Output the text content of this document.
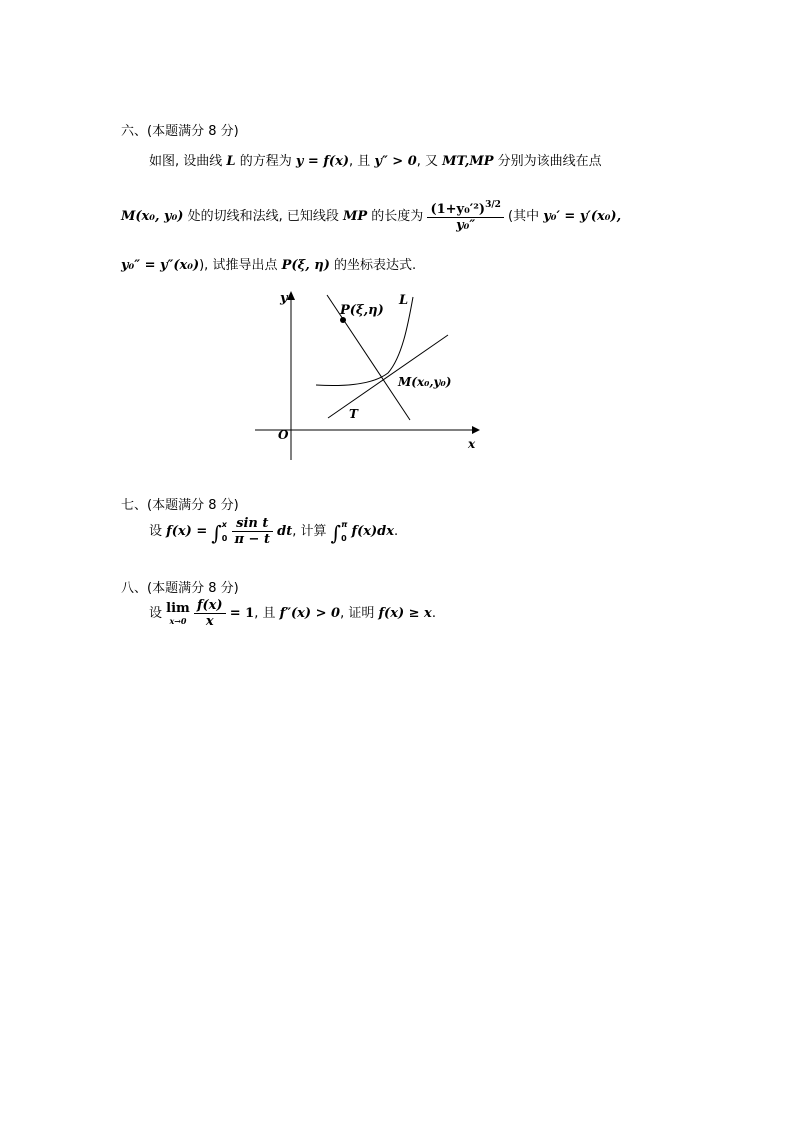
六、(本题满分 8 分)
如图, 设曲线 L 的方程为 y = f(x), 且 y″ > 0, 又 MT,MP 分别为该曲线在点
M(x₀, y₀) 处的切线和法线, 已知线段 MP 的长度为 $\frac{(1+y_0'^2)^{3/2}}{\text{y₀″}}$ (其中 y₀′ = y′(x₀),
y₀″ = y″(x₀)), 试推导出点 P(ξ, η) 的坐标表达式.
y
x
O
L
T
P(ξ,η)
M(x₀,y₀)
七、(本题满分 8 分)
设 f(x) = ∫ x
0
$\frac{\text{sin t}}{\pi - t}$ dt, 计算 ∫ π
0 f(x)dx.
八、(本题满分 8 分)
设 lim
x→0
$\frac{f(x)}{x} = 1$, 且 f″(x) > 0, 证明 f(x) ≥ x.
